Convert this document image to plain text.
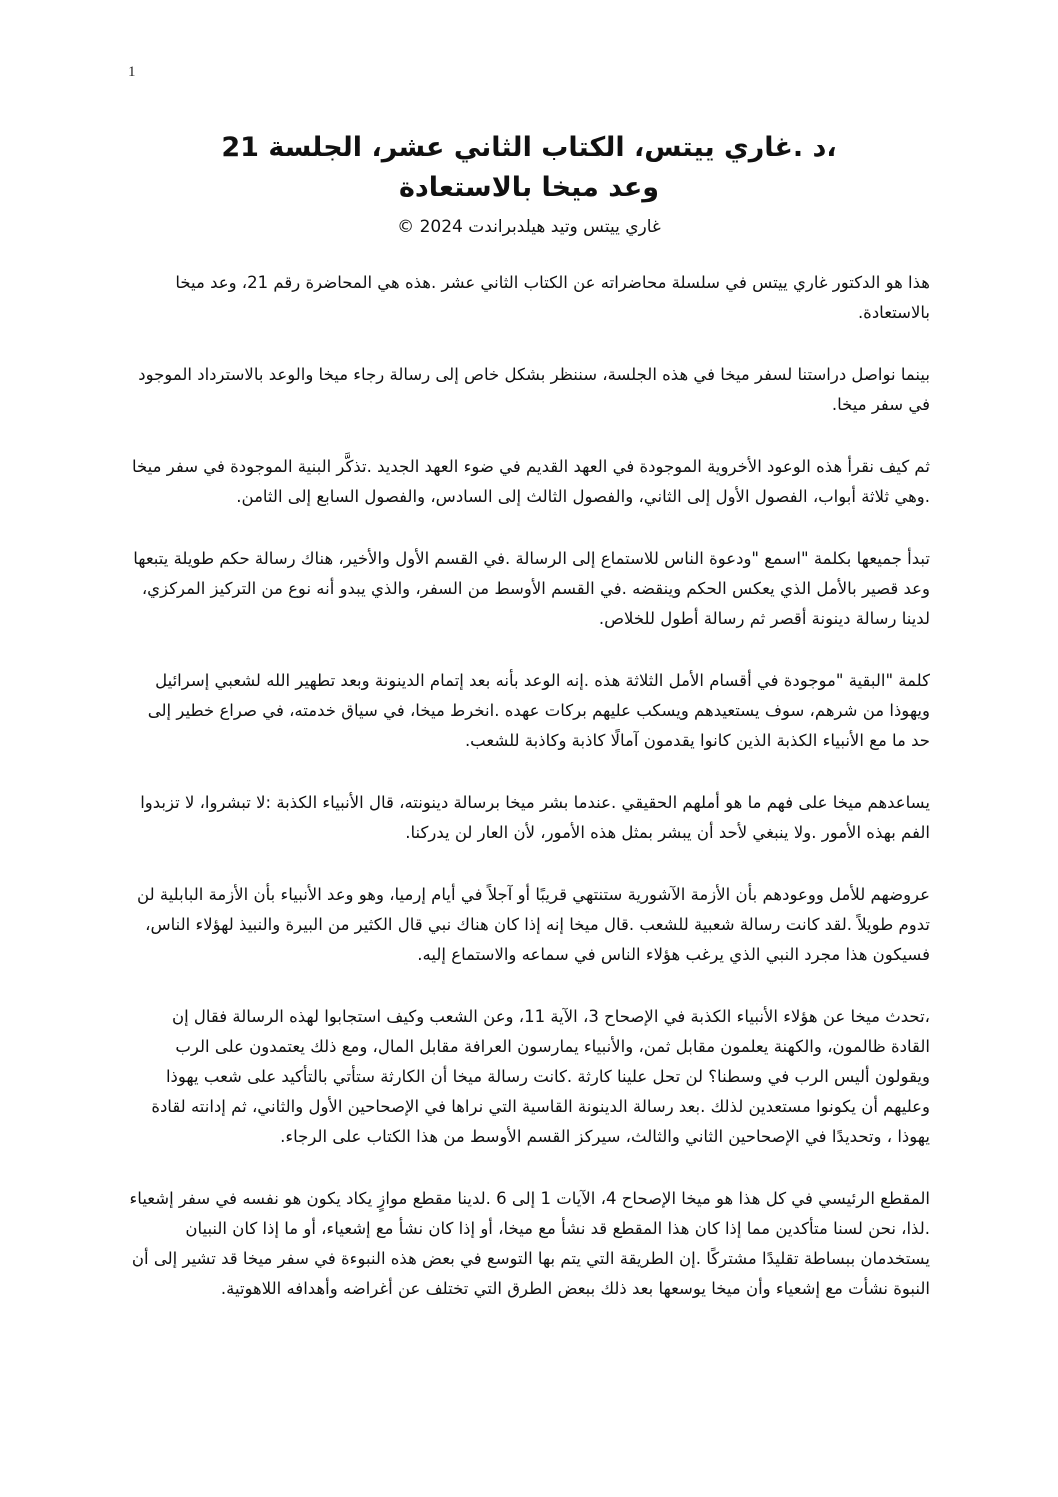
1

،د .غاري ييتس، الكتاب الثاني عشر، الجلسة 21

وعد ميخا بالاستعادة

غاري ييتس وتيد هيلدبراندت 2024 ©

هذا هو الدكتور غاري ييتس في سلسلة محاضراته عن الكتاب الثاني عشر .هذه هي المحاضرة رقم 21، وعد ميخا بالاستعادة.

بينما نواصل دراستنا لسفر ميخا في هذه الجلسة، سننظر بشكل خاص إلى رسالة رجاء ميخا والوعد بالاسترداد الموجود في سفر ميخا.

ثم كيف نقرأ هذه الوعود الأخروية الموجودة في العهد القديم في ضوء العهد الجديد .تذكَّر البنية الموجودة في سفر ميخا .وهي ثلاثة أبواب، الفصول الأول إلى الثاني، والفصول الثالث إلى السادس، والفصول السابع إلى الثامن.

تبدأ جميعها بكلمة "اسمع "ودعوة الناس للاستماع إلى الرسالة .في القسم الأول والأخير، هناك رسالة حكم طويلة يتبعها وعد قصير بالأمل الذي يعكس الحكم وينقضه .في القسم الأوسط من السفر، والذي يبدو أنه نوع من التركيز المركزي، لدينا رسالة دينونة أقصر ثم رسالة أطول للخلاص.

كلمة "البقية "موجودة في أقسام الأمل الثلاثة هذه .إنه الوعد بأنه بعد إتمام الدينونة وبعد تطهير الله لشعبي إسرائيل ويهوذا من شرهم، سوف يستعيدهم ويسكب عليهم بركات عهده .انخرط ميخا، في سياق خدمته، في صراع خطير إلى حد ما مع الأنبياء الكذبة الذين كانوا يقدمون آمالًا كاذبة وكاذبة للشعب.

يساعدهم ميخا على فهم ما هو أملهم الحقيقي .عندما بشر ميخا برسالة دينونته، قال الأنبياء الكذبة :لا تبشروا، لا تزبدوا الفم بهذه الأمور .ولا ينبغي لأحد أن يبشر بمثل هذه الأمور، لأن العار لن يدركنا.

عروضهم للأمل ووعودهم بأن الأزمة الآشورية ستنتهي قريبًا أو آجلاً في أيام إرميا، وهو وعد الأنبياء بأن الأزمة البابلية لن تدوم طويلاً .لقد كانت رسالة شعبية للشعب .قال ميخا إنه إذا كان هناك نبي قال الكثير من البيرة والنبيذ لهؤلاء الناس، فسيكون هذا مجرد النبي الذي يرغب هؤلاء الناس في سماعه والاستماع إليه.

،تحدث ميخا عن هؤلاء الأنبياء الكذبة في الإصحاح 3، الآية 11، وعن الشعب وكيف استجابوا لهذه الرسالة فقال إن القادة ظالمون، والكهنة يعلمون مقابل ثمن، والأنبياء يمارسون العرافة مقابل المال، ومع ذلك يعتمدون على الرب ويقولون أليس الرب في وسطنا؟ لن تحل علينا كارثة .كانت رسالة ميخا أن الكارثة ستأتي بالتأكيد على شعب يهوذا وعليهم أن يكونوا مستعدين لذلك .بعد رسالة الدينونة القاسية التي نراها في الإصحاحين الأول والثاني، ثم إدانته لقادة يهوذا ، وتحديدًا في الإصحاحين الثاني والثالث، سيركز القسم الأوسط من هذا الكتاب على الرجاء.

المقطع الرئيسي في كل هذا هو ميخا الإصحاح 4، الآيات 1 إلى 6 .لدينا مقطع موازٍ يكاد يكون هو نفسه في سفر إشعياء .لذا، نحن لسنا متأكدين مما إذا كان هذا المقطع قد نشأ مع ميخا، أو إذا كان نشأ مع إشعياء، أو ما إذا كان النبيان يستخدمان ببساطة تقليدًا مشتركًا .إن الطريقة التي يتم بها التوسع في بعض هذه النبوءة في سفر ميخا قد تشير إلى أن النبوة نشأت مع إشعياء وأن ميخا يوسعها بعد ذلك ببعض الطرق التي تختلف عن أغراضه وأهدافه اللاهوتية.
